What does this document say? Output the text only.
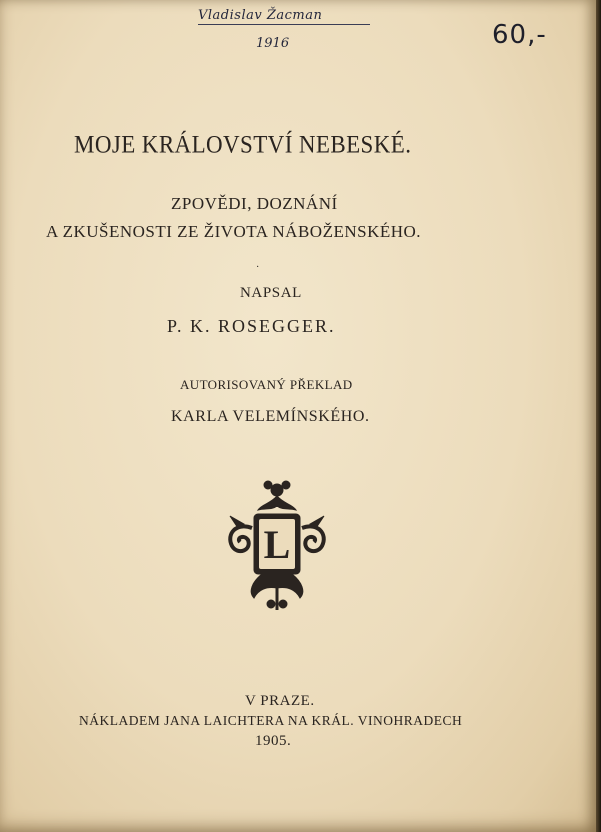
Vladislav Žacman
1916	60,-
MOJE KRÁLOVSTVÍ NEBESKÉ.
ZPOVĚDI, DOZNÁNÍ
A ZKUŠENOSTI ZE ŽIVOTA NÁBOŽENSKÉHO.
·
NAPSAL
P. K. ROSEGGER.
AUTORISOVANÝ PŘEKLAD
KARLA VELEMÍNSKÉHO.
L
V PRAZE.
NÁKLADEM JANA LAICHTERA NA KRÁL. VINOHRADECH
1905.
